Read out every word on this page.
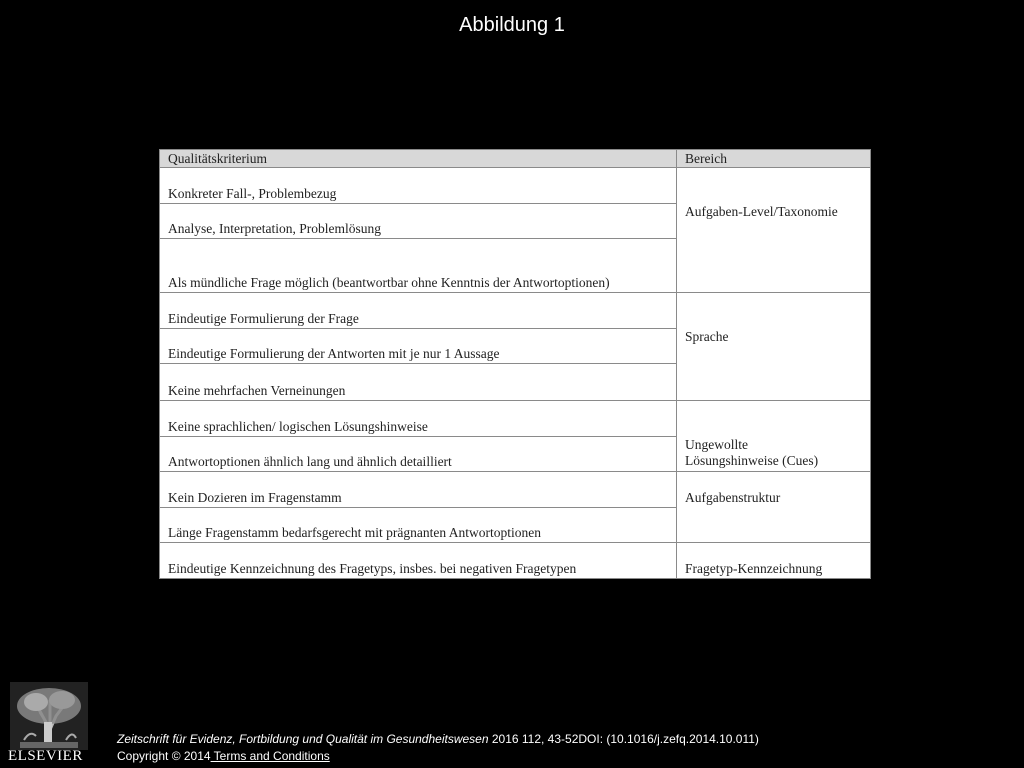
Abbildung 1
Qualitätskriterium	Bereich
Konkreter Fall-, Problembezug	Aufgaben-Level/Taxonomie
Analyse, Interpretation, Problemlösung	
Als mündliche Frage möglich (beantwortbar ohne Kenntnis der Antwortoptionen)	
Eindeutige Formulierung der Frage	Sprache
Eindeutige Formulierung der Antworten mit je nur 1 Aussage	
Keine mehrfachen Verneinungen	
Keine sprachlichen/ logischen Lösungshinweise	Ungewollte Lösungshinweise (Cues)

Antwortoptionen ähnlich lang und ähnlich detailliert	
Kein Dozieren im Fragenstamm	Aufgabenstruktur
Länge Fragenstamm bedarfsgerecht mit prägnanten Antwortoptionen	
Eindeutige Kennzeichnung des Fragetyps, insbes. bei negativen Fragetypen	Fragetyp-Kennzeichnung
ELSEVIER
Zeitschrift für Evidenz, Fortbildung und Qualität im Gesundheitswesen 2016 112, 43-52DOI: (10.1016/j.zefq.2014.10.011)
Copyright © 2014 Terms and Conditions
